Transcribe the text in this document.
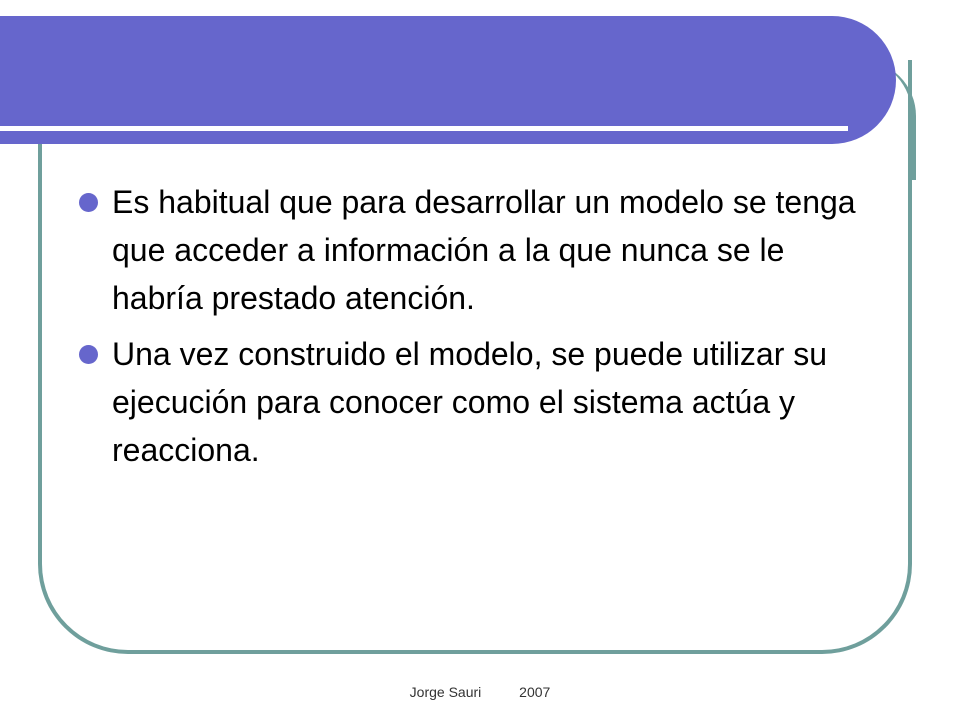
Es habitual que para desarrollar un modelo se tenga que acceder a información a la que nunca se le habría prestado atención.
Una vez construido el modelo, se puede utilizar su ejecución para conocer como el sistema actúa y reacciona.
Jorge Sauri	2007
